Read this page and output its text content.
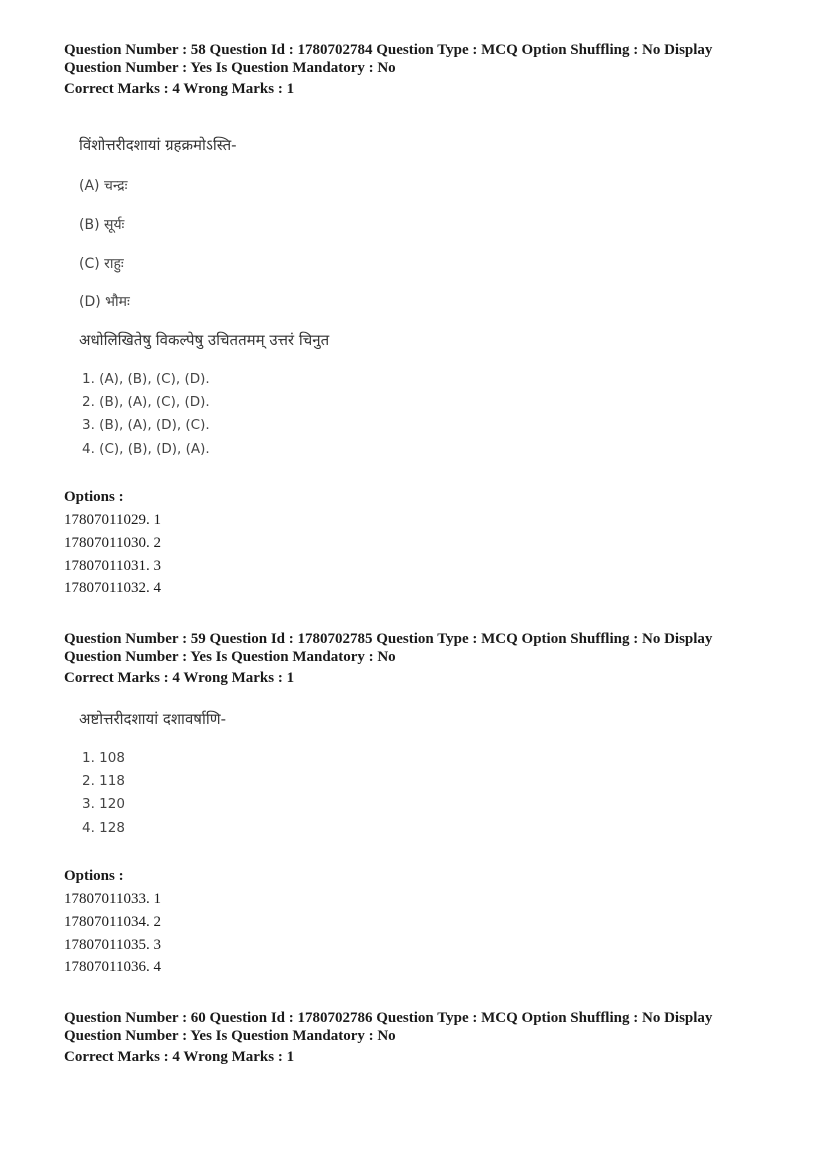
Question Number : 58 Question Id : 1780702784 Question Type : MCQ Option Shuffling : No Display

Question Number : Yes Is Question Mandatory : No

Correct Marks : 4 Wrong Marks : 1

विंशोत्तरीदशायां ग्रहक्रमोऽस्ति-

(A) चन्द्रः

(B) सूर्यः

(C) राहुः

(D) भौमः

अधोलिखितेषु विकल्पेषु उचिततमम् उत्तरं चिनुत

1. (A), (B), (C), (D).
2. (B), (A), (C), (D).
3. (B), (A), (D), (C).
4. (C), (B), (D), (A).

Options :

17807011029. 1
17807011030. 2
17807011031. 3
17807011032. 4

Question Number : 59 Question Id : 1780702785 Question Type : MCQ Option Shuffling : No Display

Question Number : Yes Is Question Mandatory : No

Correct Marks : 4 Wrong Marks : 1

अष्टोत्तरीदशायां दशावर्षाणि-

1. 108
2. 118
3. 120
4. 128

Options :

17807011033. 1
17807011034. 2
17807011035. 3
17807011036. 4

Question Number : 60 Question Id : 1780702786 Question Type : MCQ Option Shuffling : No Display

Question Number : Yes Is Question Mandatory : No

Correct Marks : 4 Wrong Marks : 1
